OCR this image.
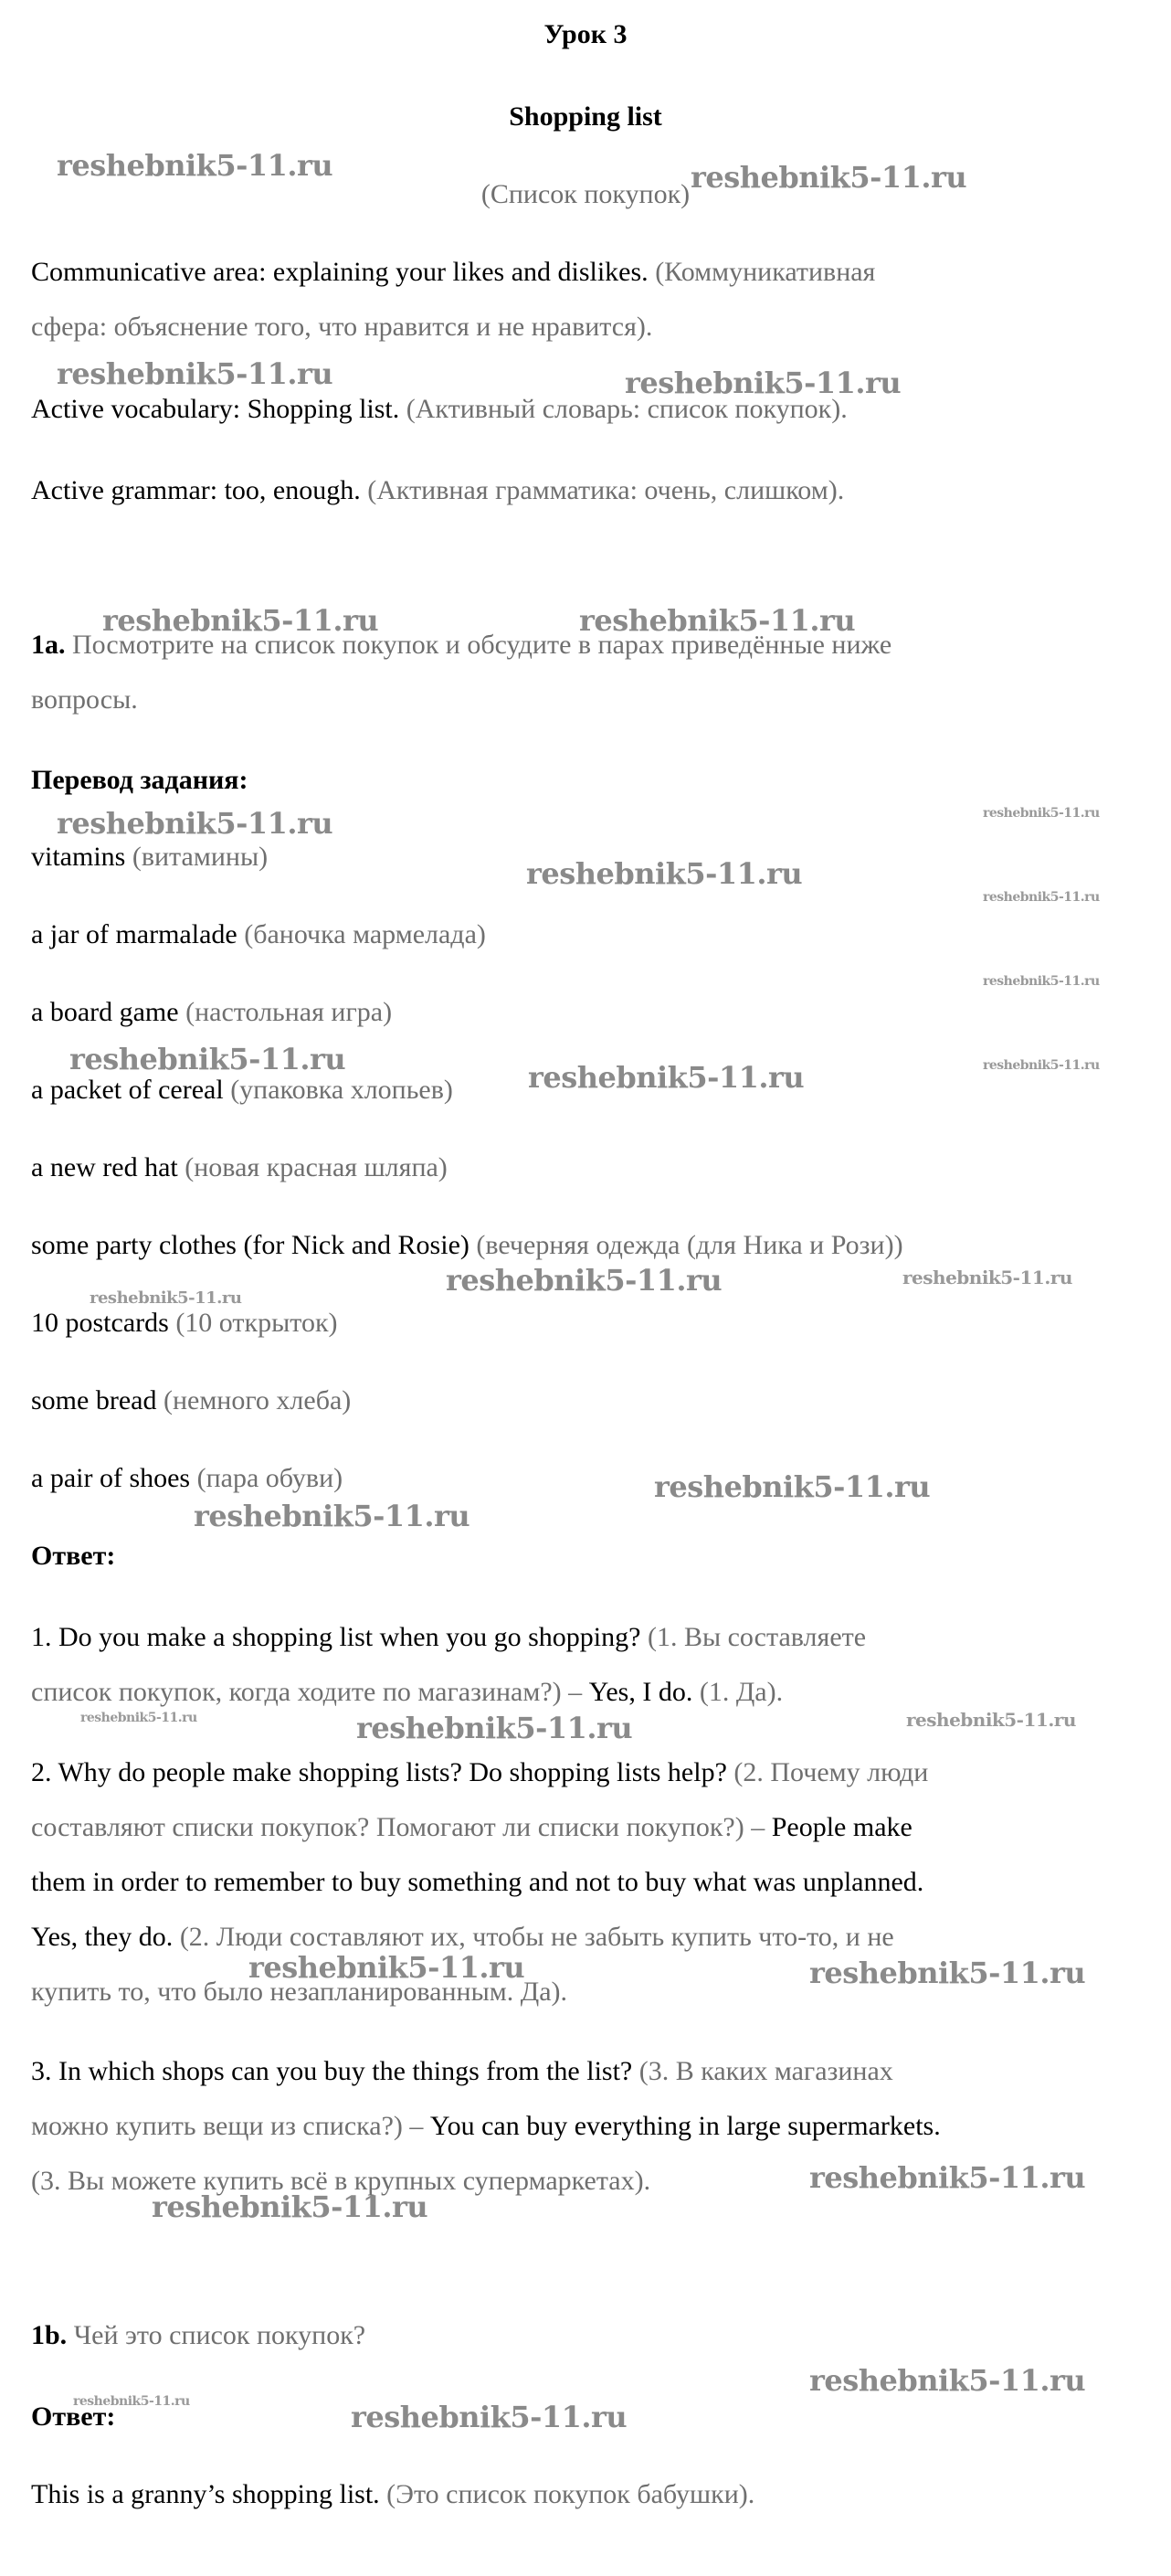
Урок 3
Shopping list
(Список покупок)
Communicative area: explaining your likes and dislikes. (Коммуникативная
сфера: объяснение того, что нравится и не нравится).
Active vocabulary: Shopping list. (Активный словарь: список покупок).
Active grammar: too, enough. (Активная грамматика: очень, слишком).
1a. Посмотрите на список покупок и обсудите в парах приведённые ниже
вопросы.
Перевод задания:
vitamins (витамины)
a jar of marmalade (баночка мармелада)
a board game (настольная игра)
a packet of cereal (упаковка хлопьев)
a new red hat (новая красная шляпа)
some party clothes (for Nick and Rosie) (вечерняя одежда (для Ника и Рози))
10 postcards (10 открыток)
some bread (немного хлеба)
a pair of shoes (пара обуви)
Ответ:
1. Do you make a shopping list when you go shopping? (1. Вы составляете
список покупок, когда ходите по магазинам?) – Yes, I do. (1. Да).
2. Why do people make shopping lists? Do shopping lists help? (2. Почему люди
составляют списки покупок? Помогают ли списки покупок?) – People make
them in order to remember to buy something and not to buy what was unplanned.
Yes, they do. (2. Люди составляют их, чтобы не забыть купить что-то, и не
купить то, что было незапланированным. Да).
3. In which shops can you buy the things from the list? (3. В каких магазинах
можно купить вещи из списка?) – You can buy everything in large supermarkets.
(3. Вы можете купить всё в крупных супермаркетах).
1b. Чей это список покупок?
Ответ:
This is a granny’s shopping list. (Это список покупок бабушки).
reshebnik5-11.ru	reshebnik5-11.ru
reshebnik5-11.ru	reshebnik5-11.ru
reshebnik5-11.ru	reshebnik5-11.ru
reshebnik5-11.ru	reshebnik5-11.ru
reshebnik5-11.ru
reshebnik5-11.ru
reshebnik5-11.ru
reshebnik5-11.ru
reshebnik5-11.ru	reshebnik5-11.ru
reshebnik5-11.ru
reshebnik5-11.ru
reshebnik5-11.ru
reshebnik5-11.ru
reshebnik5-11.ru
reshebnik5-11.ru	reshebnik5-11.ru	reshebnik5-11.ru
reshebnik5-11.ru	reshebnik5-11.ru
reshebnik5-11.ru
reshebnik5-11.ru
reshebnik5-11.ru
reshebnik5-11.ru	reshebnik5-11.ru
